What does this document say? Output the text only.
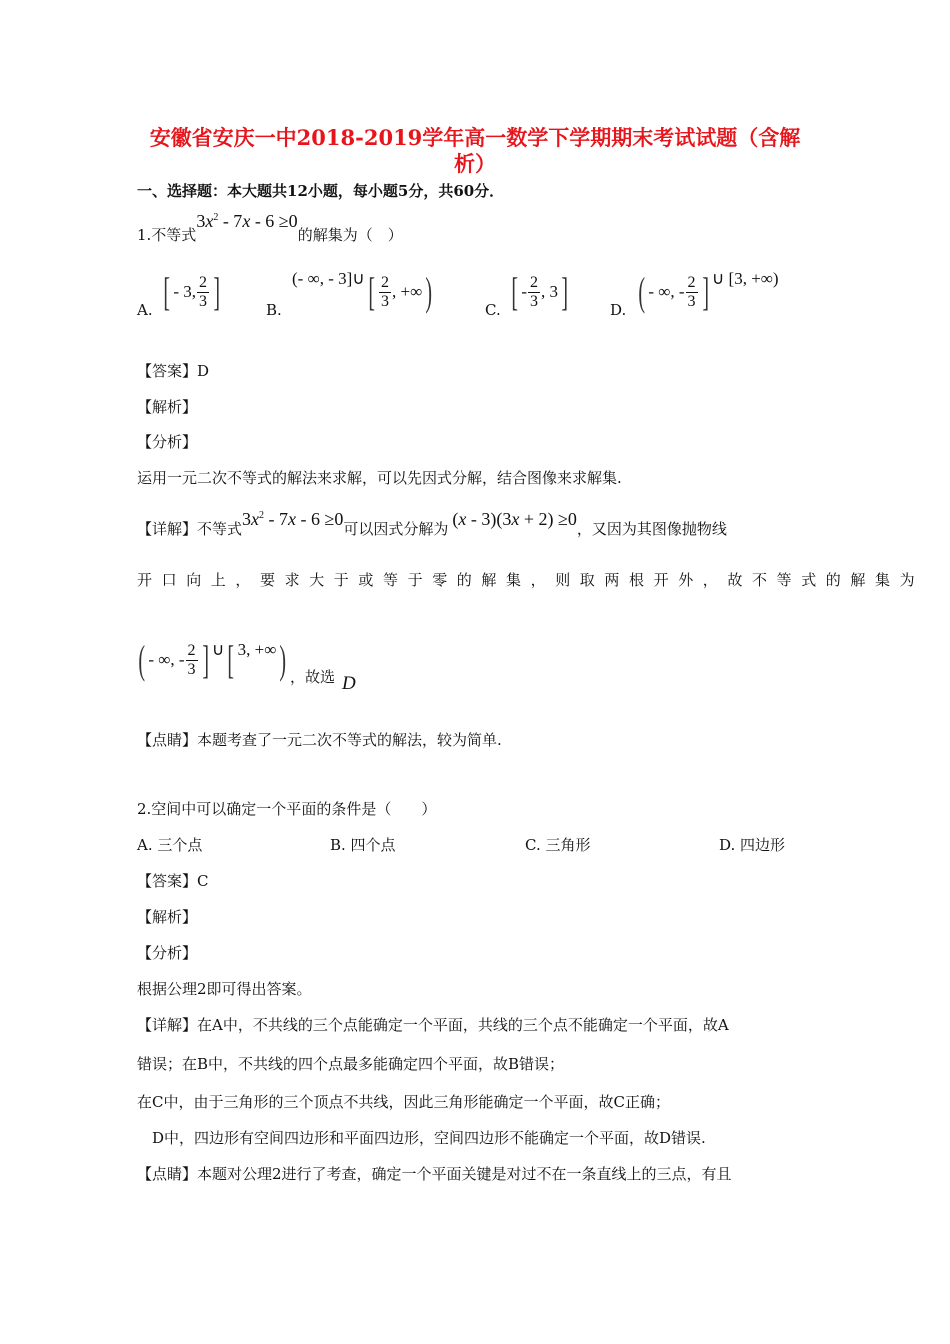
安徽省安庆一中2018-2019学年高一数学下学期期末考试试题（含解
析）
一、选择题：本大题共12小题，每小题5分，共60分．
1.不等式
$3x^2 - 7x - 6 \ge 0$
的解集为（　）
A. [ - 3, $\frac{2}{3}$ ]	B.
(- ∞, - 3] ∪ [ $\frac{2}{3}$ , +∞ )	C. [ - $\frac{2}{3}$ , 3 ]	D. ( - ∞, - $\frac{2}{3}$ ] ∪ [3, +∞)
【答案】D
【解析】
【分析】
运用一元二次不等式的解法来求解，可以先因式分解，结合图像来求解集.
【详解】不等式 $3x^2 - 7x - 6 \ge 0$ 可以因式分解为 (x - 3)(3x + 2) ≥0 ，又因为其图像抛物线
开口向上，要求大于或等于零的解集，则取两根开外，故不等式的解集为
( - ∞, - $\frac{2}{3}$ ] ∪ [ 3, +∞ ) ，故选 D
【点睛】本题考查了一元二次不等式的解法，较为简单.
2.空间中可以确定一个平面的条件是（　　）
A. 三个点	B. 四个点	C. 三角形	D. 四边形
【答案】C
【解析】
【分析】
根据公理2即可得出答案。
【详解】在A中，不共线的三个点能确定一个平面，共线的三个点不能确定一个平面，故A
错误；在B中，不共线的四个点最多能确定四个平面，故B错误；
在C中，由于三角形的三个顶点不共线，因此三角形能确定一个平面，故C正确；
　D中，四边形有空间四边形和平面四边形，空间四边形不能确定一个平面，故D错误.
【点睛】本题对公理2进行了考查，确定一个平面关键是对过不在一条直线上的三点，有且
